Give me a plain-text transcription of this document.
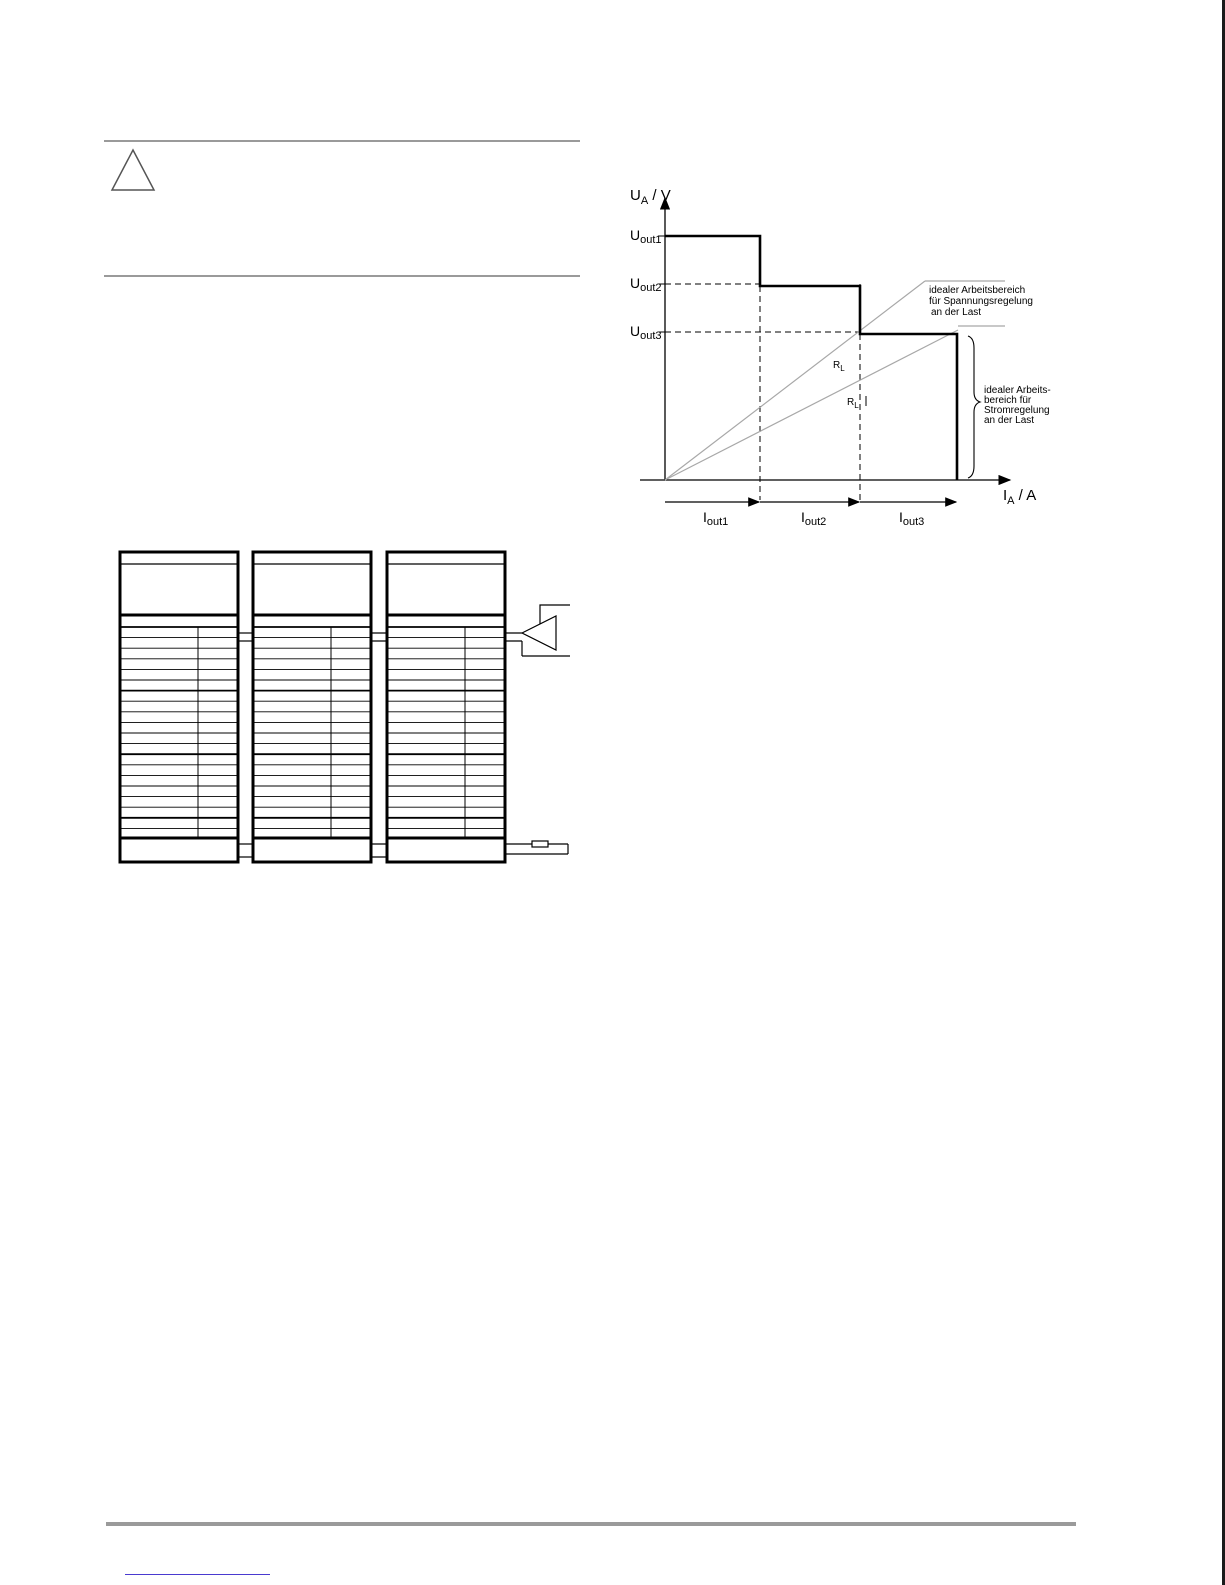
$U_A$ / V
$I_A$ / A
$U_{out1}$
$U_{out2}$
$U_{out3}$
$R_L$
$R_L$
idealer Arbeitsbereich für Spannungsregelung an der Last
idealer Arbeits- bereich für Stromregelung an der Last
$I_{out1}$	$I_{out2}$	$I_{out3}$
